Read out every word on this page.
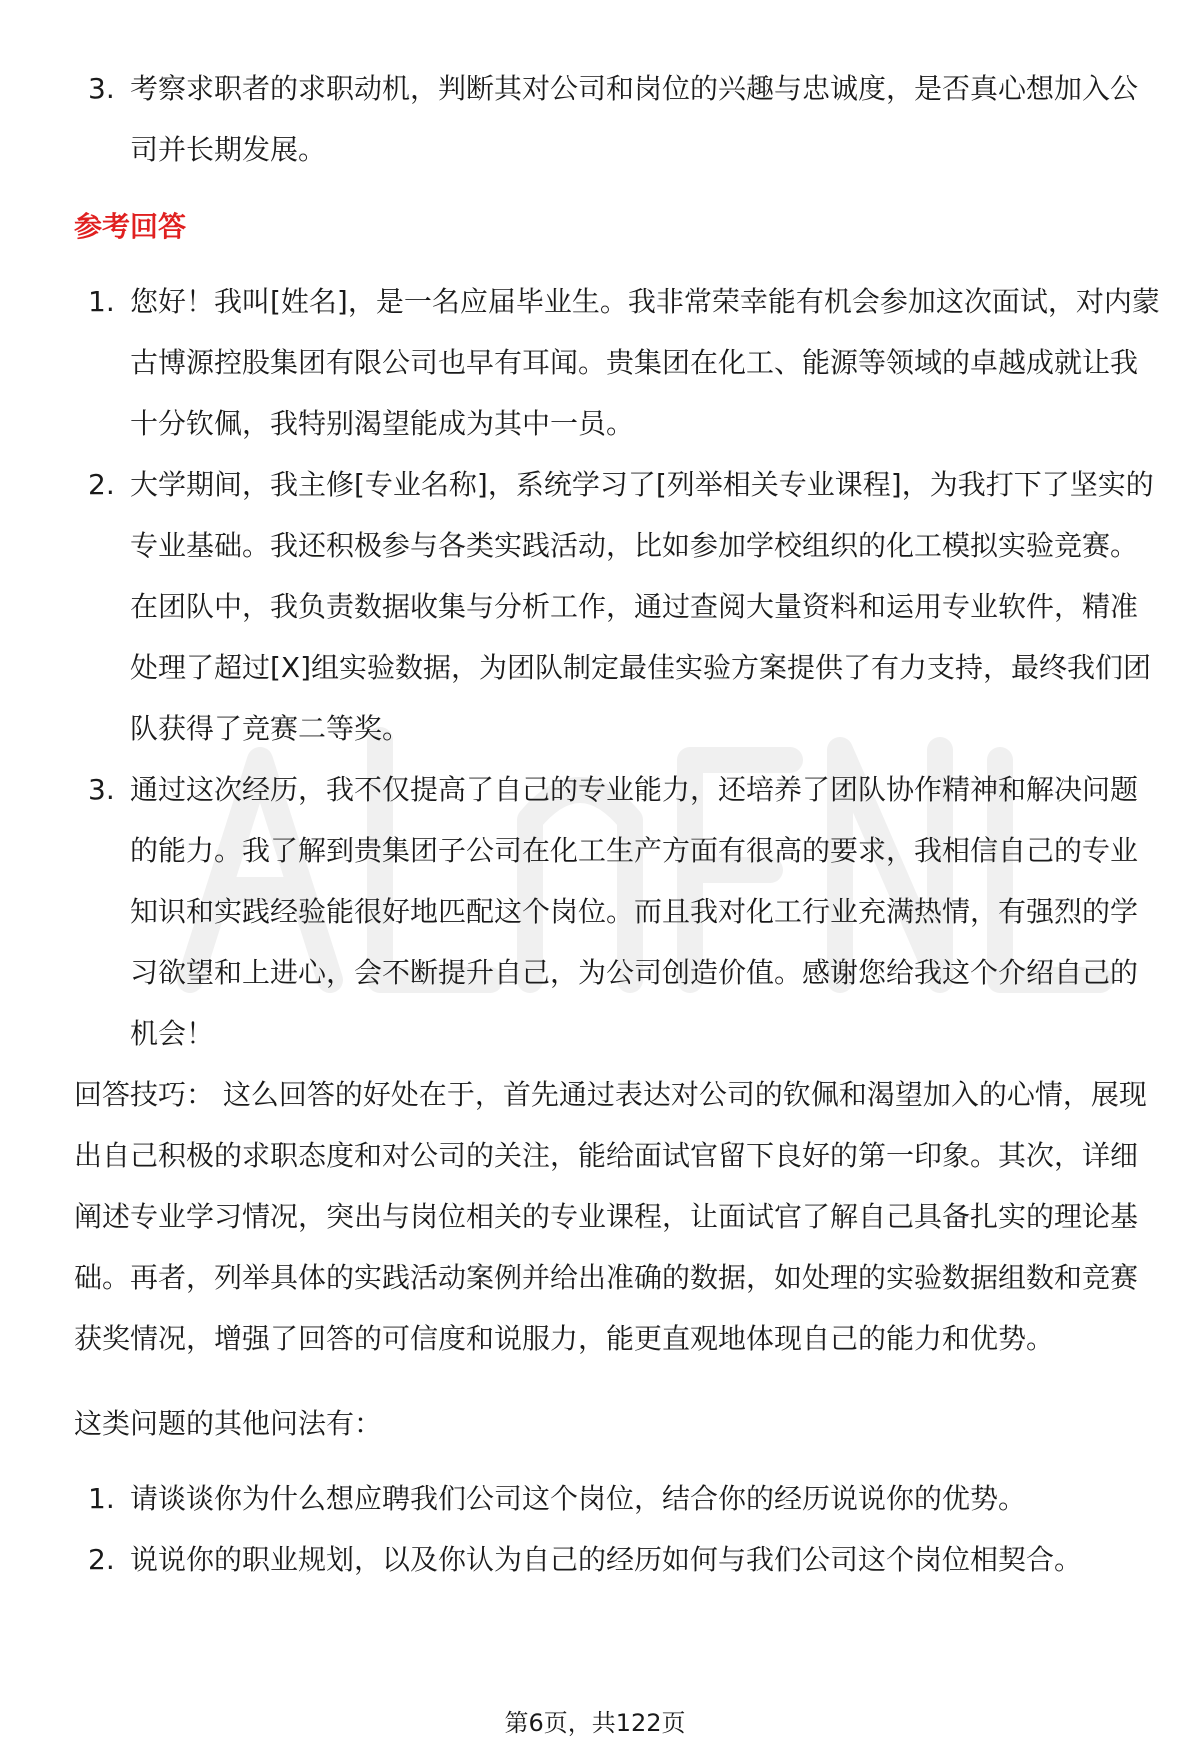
3. 考察求职者的求职动机，判断其对公司和岗位的兴趣与忠诚度，是否真心想加入公司并长期发展。
参考回答
1. 您好！我叫[姓名]，是一名应届毕业生。我非常荣幸能有机会参加这次面试，对内蒙古博源控股集团有限公司也早有耳闻。贵集团在化工、能源等领域的卓越成就让我十分钦佩，我特别渴望能成为其中一员。
2. 大学期间，我主修[专业名称]，系统学习了[列举相关专业课程]，为我打下了坚实的专业基础。我还积极参与各类实践活动，比如参加学校组织的化工模拟实验竞赛。在团队中，我负责数据收集与分析工作，通过查阅大量资料和运用专业软件，精准处理了超过[X]组实验数据，为团队制定最佳实验方案提供了有力支持，最终我们团队获得了竞赛二等奖。
3. 通过这次经历，我不仅提高了自己的专业能力，还培养了团队协作精神和解决问题的能力。我了解到贵集团子公司在化工生产方面有很高的要求，我相信自己的专业知识和实践经验能很好地匹配这个岗位。而且我对化工行业充满热情，有强烈的学习欲望和上进心，会不断提升自己，为公司创造价值。感谢您给我这个介绍自己的机会！

回答技巧： 这么回答的好处在于，首先通过表达对公司的钦佩和渴望加入的心情，展现出自己积极的求职态度和对公司的关注，能给面试官留下良好的第一印象。其次，详细阐述专业学习情况，突出与岗位相关的专业课程，让面试官了解自己具备扎实的理论基础。再者，列举具体的实践活动案例并给出准确的数据，如处理的实验数据组数和竞赛获奖情况，增强了回答的可信度和说服力，能更直观地体现自己的能力和优势。

这类问题的其他问法有：
1. 请谈谈你为什么想应聘我们公司这个岗位，结合你的经历说说你的优势。
2. 说说你的职业规划，以及你认为自己的经历如何与我们公司这个岗位相契合。
第6页，共122页
